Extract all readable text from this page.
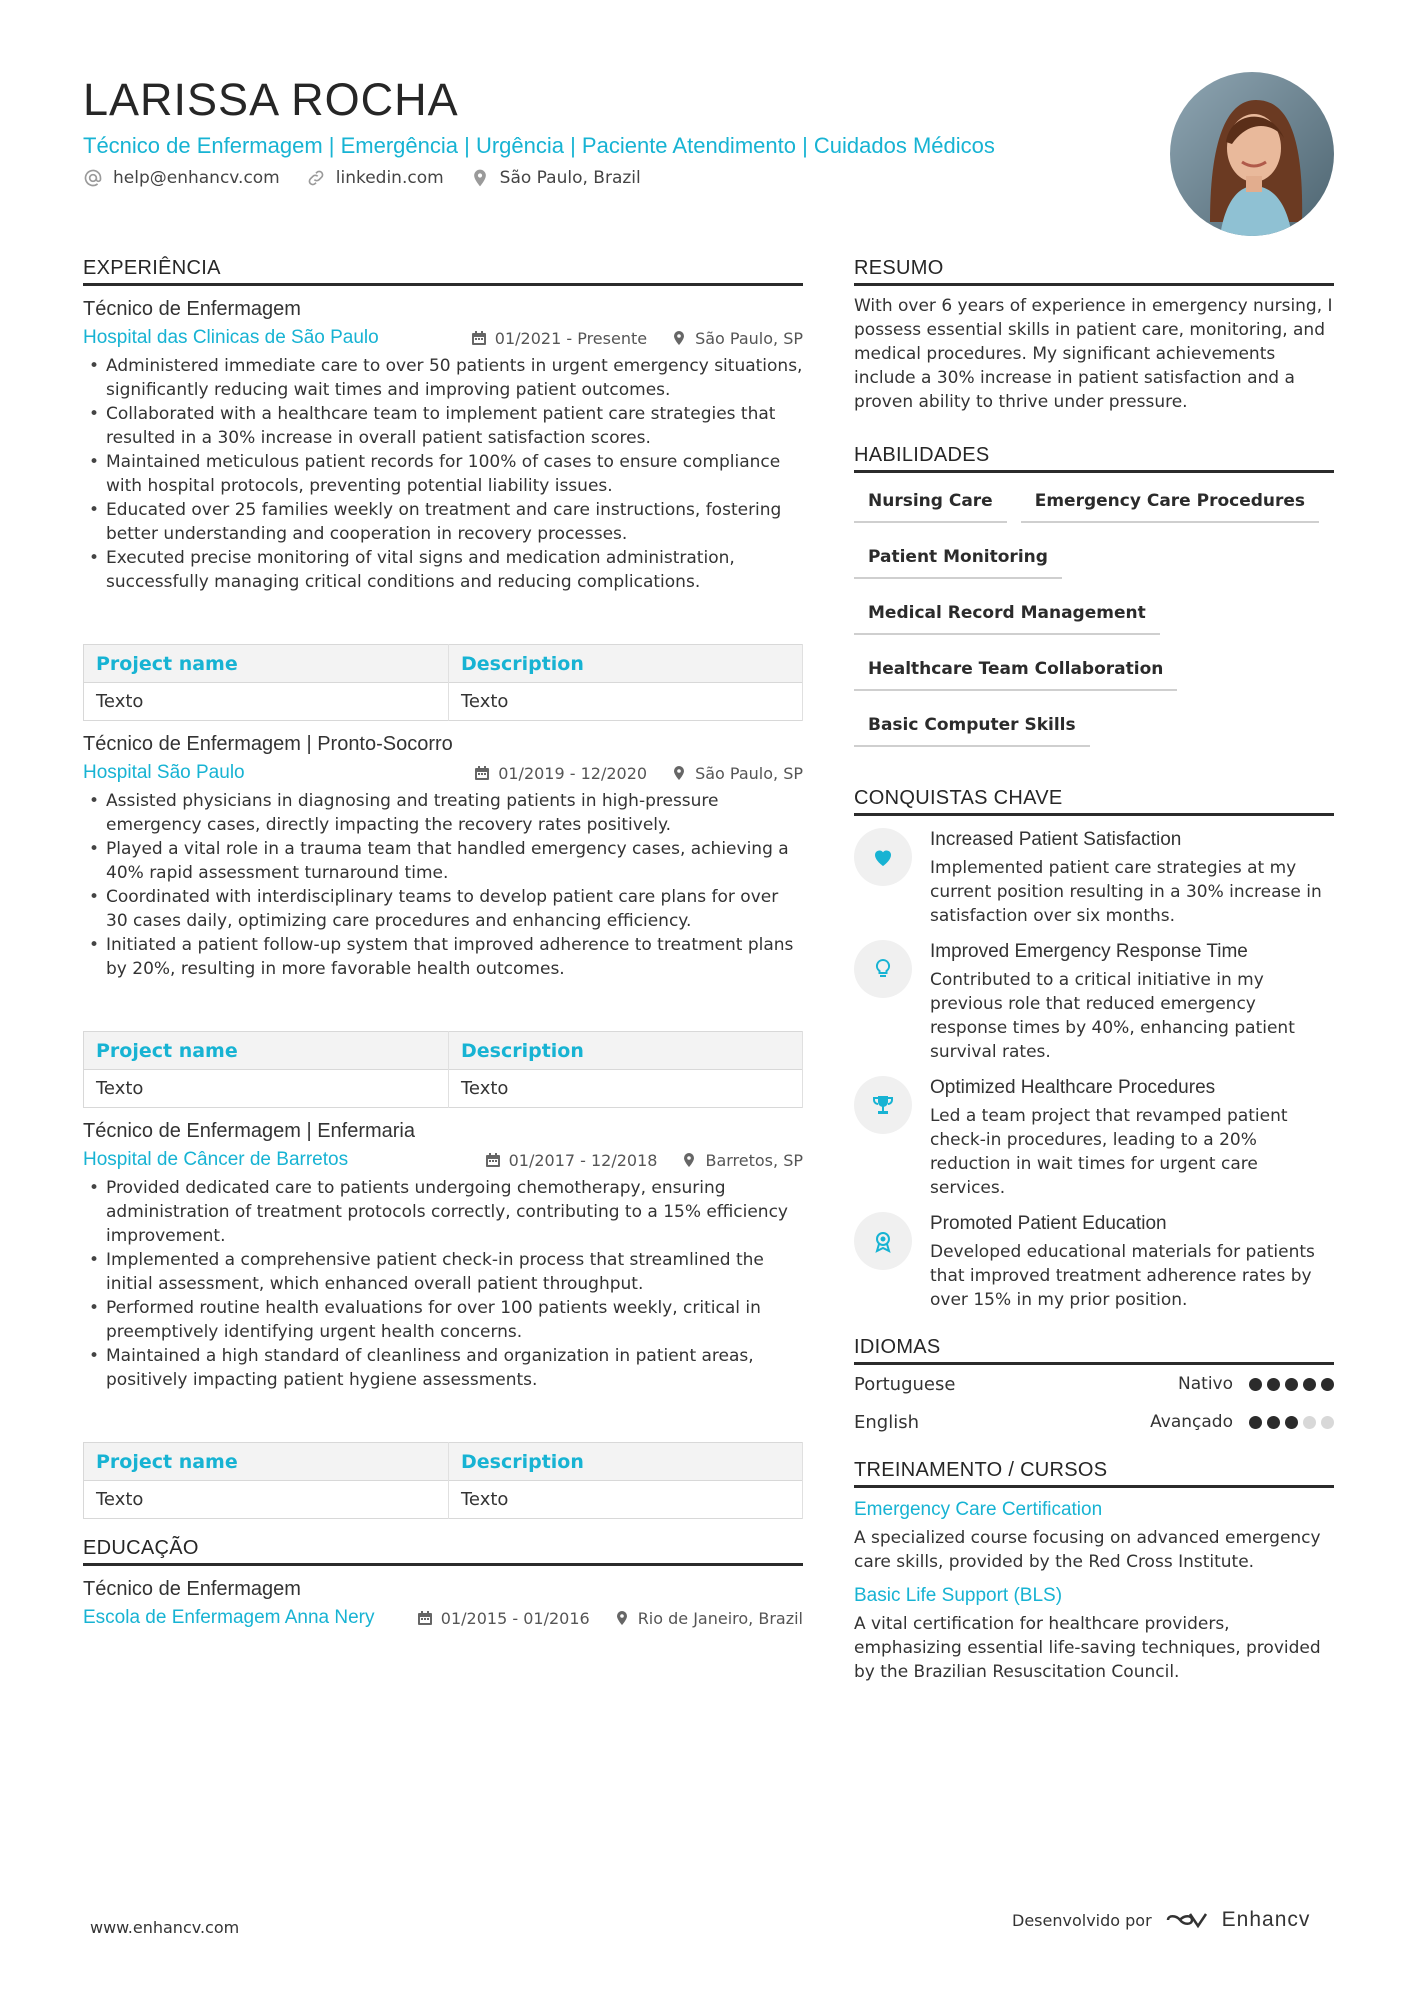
LARISSA ROCHA
Técnico de Enfermagem | Emergência | Urgência | Paciente Atendimento | Cuidados Médicos
help@enhancv.com	linkedin.com	São Paulo, Brazil
EXPERIÊNCIA
Técnico de Enfermagem
Hospital das Clinicas de São Paulo	01/2021 - Presente	São Paulo, SP
• Administered immediate care to over 50 patients in urgent emergency situations, significantly reducing wait times and improving patient outcomes.
• Collaborated with a healthcare team to implement patient care strategies that resulted in a 30% increase in overall patient satisfaction scores.
• Maintained meticulous patient records for 100% of cases to ensure compliance with hospital protocols, preventing potential liability issues.
• Educated over 25 families weekly on treatment and care instructions, fostering better understanding and cooperation in recovery processes.
• Executed precise monitoring of vital signs and medication administration, successfully managing critical conditions and reducing complications.
Project name	Description
Texto	Texto
Técnico de Enfermagem | Pronto-Socorro
Hospital São Paulo	01/2019 - 12/2020	São Paulo, SP
• Assisted physicians in diagnosing and treating patients in high-pressure emergency cases, directly impacting the recovery rates positively.
• Played a vital role in a trauma team that handled emergency cases, achieving a 40% rapid assessment turnaround time.
• Coordinated with interdisciplinary teams to develop patient care plans for over 30 cases daily, optimizing care procedures and enhancing efficiency.
• Initiated a patient follow-up system that improved adherence to treatment plans by 20%, resulting in more favorable health outcomes.
Project name	Description
Texto	Texto
Técnico de Enfermagem | Enfermaria
Hospital de Câncer de Barretos	01/2017 - 12/2018	Barretos, SP
• Provided dedicated care to patients undergoing chemotherapy, ensuring administration of treatment protocols correctly, contributing to a 15% efficiency improvement.
• Implemented a comprehensive patient check-in process that streamlined the initial assessment, which enhanced overall patient throughput.
• Performed routine health evaluations for over 100 patients weekly, critical in preemptively identifying urgent health concerns.
• Maintained a high standard of cleanliness and organization in patient areas, positively impacting patient hygiene assessments.
Project name	Description
Texto	Texto
EDUCAÇÃO
Técnico de Enfermagem
Escola de Enfermagem Anna Nery	01/2015 - 01/2016	Rio de Janeiro, Brazil
RESUMO
With over 6 years of experience in emergency nursing, I possess essential skills in patient care, monitoring, and medical procedures. My significant achievements include a 30% increase in patient satisfaction and a proven ability to thrive under pressure.
HABILIDADES
Nursing Care	Emergency Care Procedures
Patient Monitoring
Medical Record Management
Healthcare Team Collaboration
Basic Computer Skills
CONQUISTAS CHAVE
Increased Patient Satisfaction
Implemented patient care strategies at my current position resulting in a 30% increase in satisfaction over six months.
Improved Emergency Response Time
Contributed to a critical initiative in my previous role that reduced emergency response times by 40%, enhancing patient survival rates.
Optimized Healthcare Procedures
Led a team project that revamped patient check-in procedures, leading to a 20% reduction in wait times for urgent care services.
Promoted Patient Education
Developed educational materials for patients that improved treatment adherence rates by over 15% in my prior position.
IDIOMAS
Portuguese	Nativo
English	Avançado
TREINAMENTO / CURSOS
Emergency Care Certification
A specialized course focusing on advanced emergency care skills, provided by the Red Cross Institute.
Basic Life Support (BLS)
A vital certification for healthcare providers, emphasizing essential life-saving techniques, provided by the Brazilian Resuscitation Council.
www.enhancv.com	Desenvolvido por	Enhancv
